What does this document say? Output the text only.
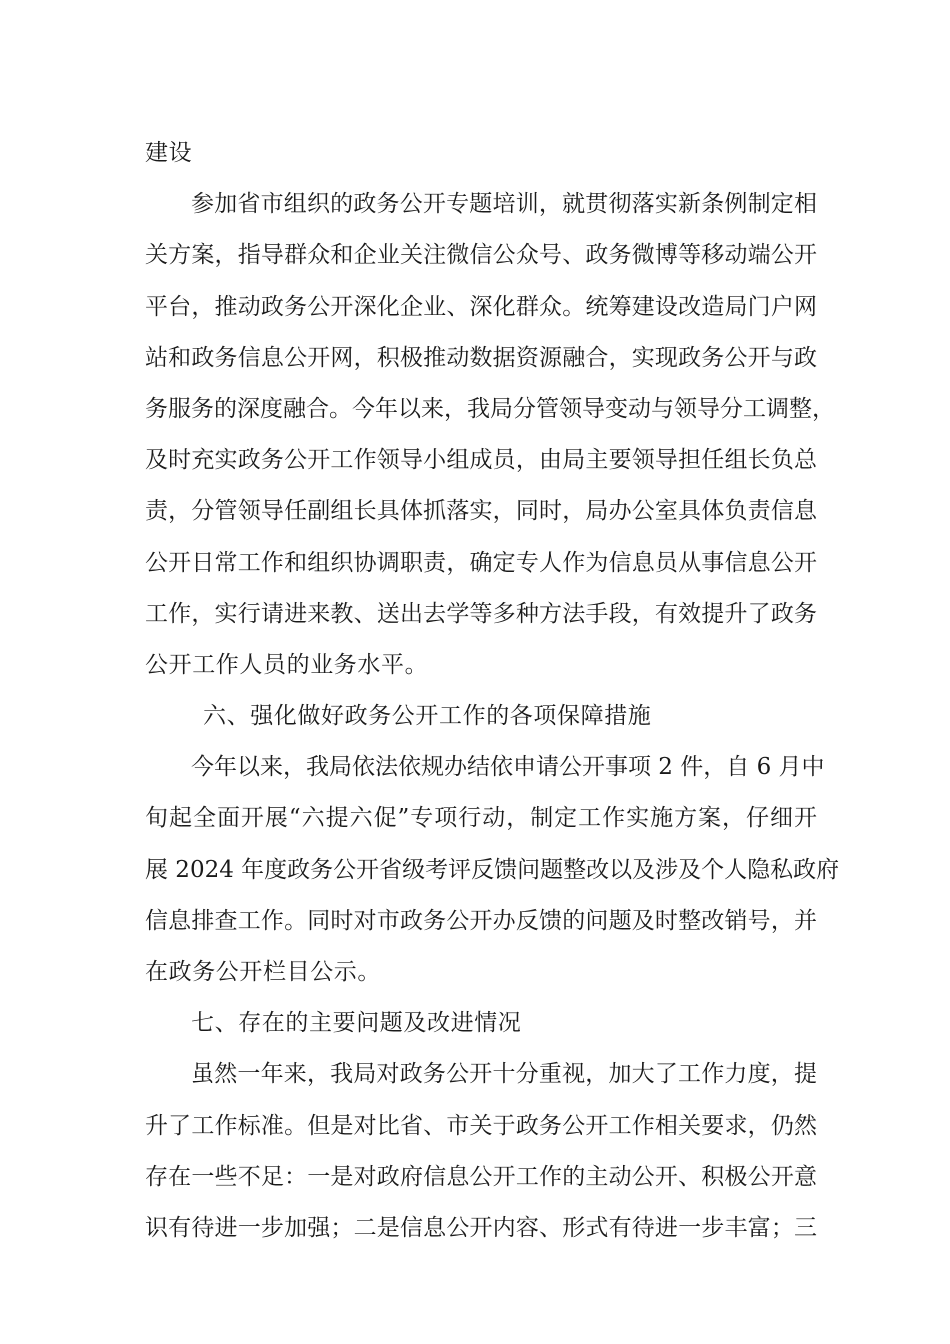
建设
参加省市组织的政务公开专题培训，就贯彻落实新条例制定相
关方案，指导群众和企业关注微信公众号、政务微博等移动端公开
平台，推动政务公开深化企业、深化群众。统筹建设改造局门户网
站和政务信息公开网，积极推动数据资源融合，实现政务公开与政
务服务的深度融合。今年以来，我局分管领导变动与领导分工调整，
及时充实政务公开工作领导小组成员，由局主要领导担任组长负总
责，分管领导任副组长具体抓落实，同时，局办公室具体负责信息
公开日常工作和组织协调职责，确定专人作为信息员从事信息公开
工作，实行请进来教、送出去学等多种方法手段，有效提升了政务
公开工作人员的业务水平。
六、强化做好政务公开工作的各项保障措施
今年以来，我局依法依规办结依申请公开事项 2 件，自 6 月中
旬起全面开展“六提六促”专项行动，制定工作实施方案，仔细开
展 2024 年度政务公开省级考评反馈问题整改以及涉及个人隐私政府
信息排查工作。同时对市政务公开办反馈的问题及时整改销号，并
在政务公开栏目公示。
七、存在的主要问题及改进情况
虽然一年来，我局对政务公开十分重视，加大了工作力度，提
升了工作标准。但是对比省、市关于政务公开工作相关要求，仍然
存在一些不足：一是对政府信息公开工作的主动公开、积极公开意
识有待进一步加强；二是信息公开内容、形式有待进一步丰富；三
